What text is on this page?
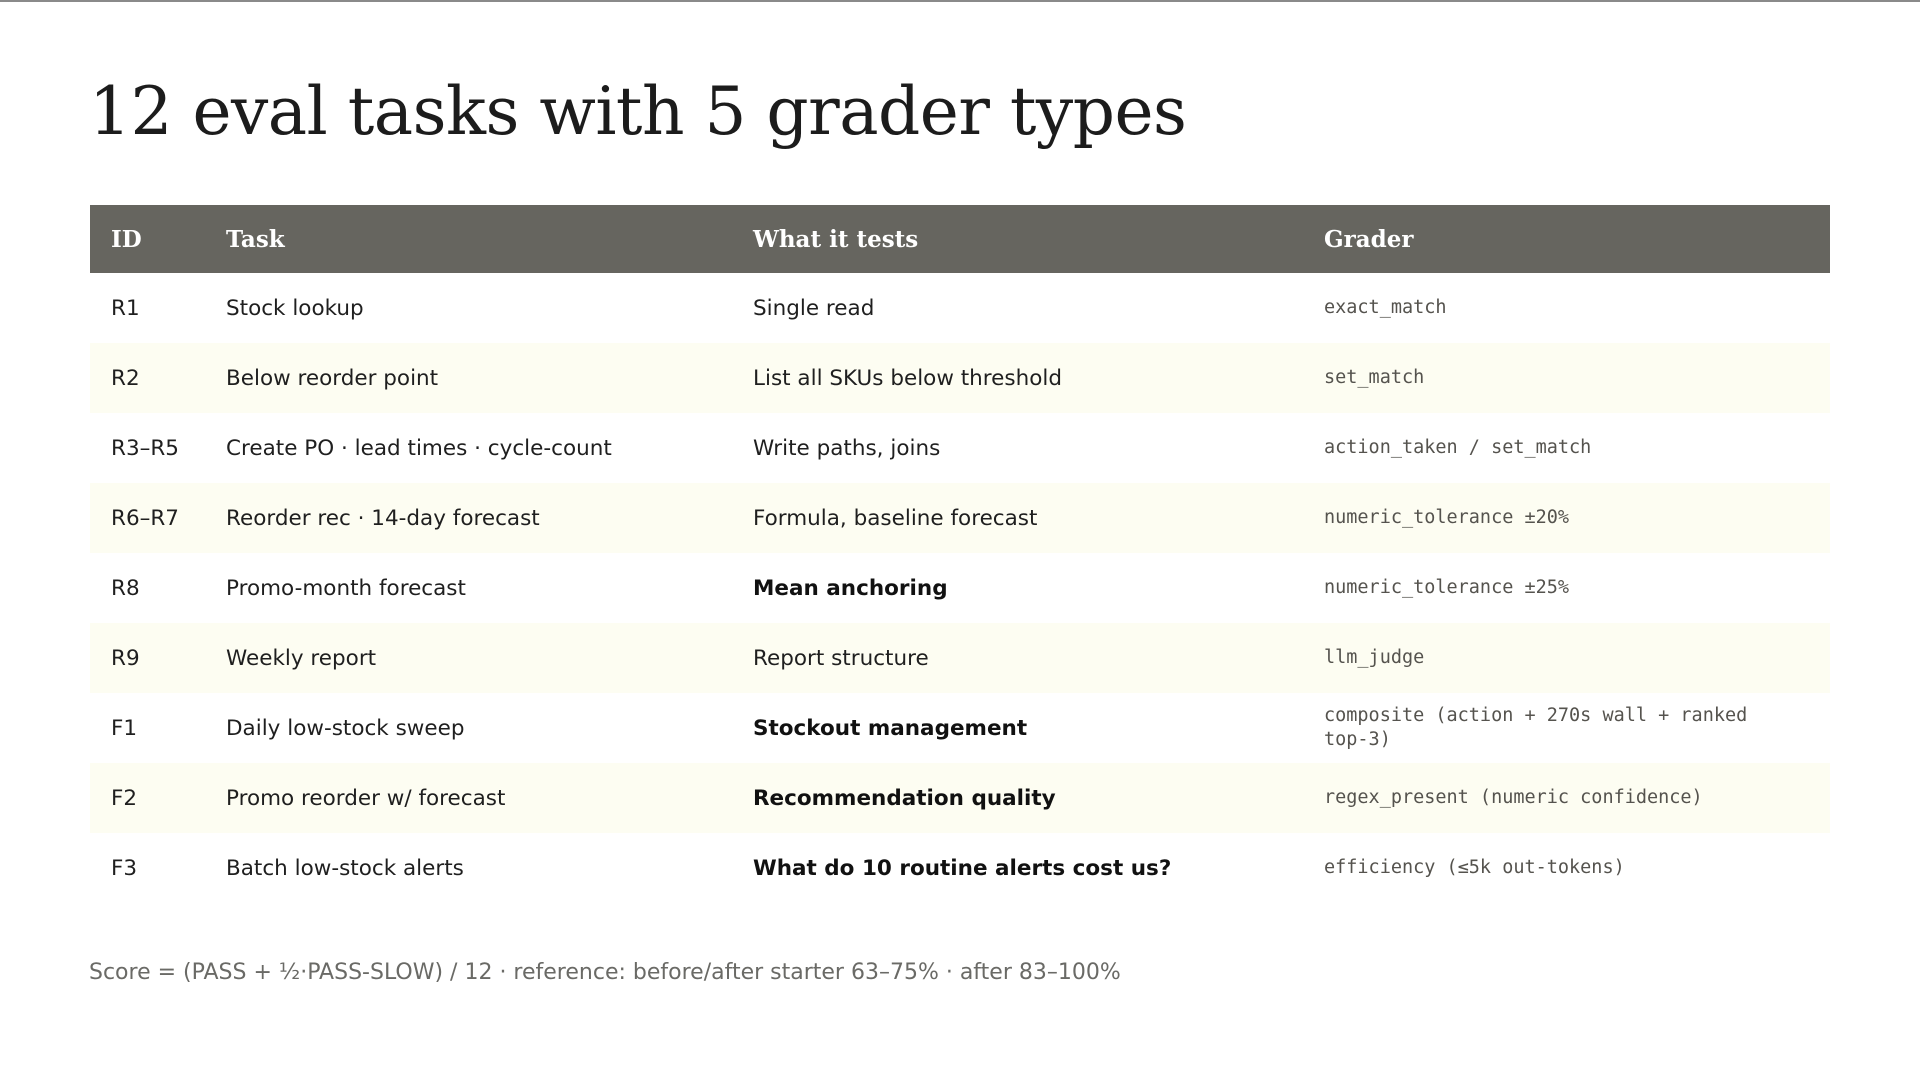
12 eval tasks with 5 grader types
ID	Task	What it tests	Grader
R1	Stock lookup	Single read	exact_match
R2	Below reorder point	List all SKUs below threshold	set_match
R3–R5	Create PO · lead times · cycle-count	Write paths, joins	action_taken / set_match
R6–R7	Reorder rec · 14-day forecast	Formula, baseline forecast	numeric_tolerance ±20%
R8	Promo-month forecast	Mean anchoring	numeric_tolerance ±25%
R9	Weekly report	Report structure	llm_judge
F1	Daily low-stock sweep	Stockout management	composite (action + 270s wall + ranked top-3)
F2	Promo reorder w/ forecast	Recommendation quality	regex_present (numeric confidence)
F3	Batch low-stock alerts	What do 10 routine alerts cost us?	efficiency (≤5k out-tokens)

Score = (PASS + ½·PASS-SLOW) / 12 · reference: before/after starter 63–75% · after 83–100%
